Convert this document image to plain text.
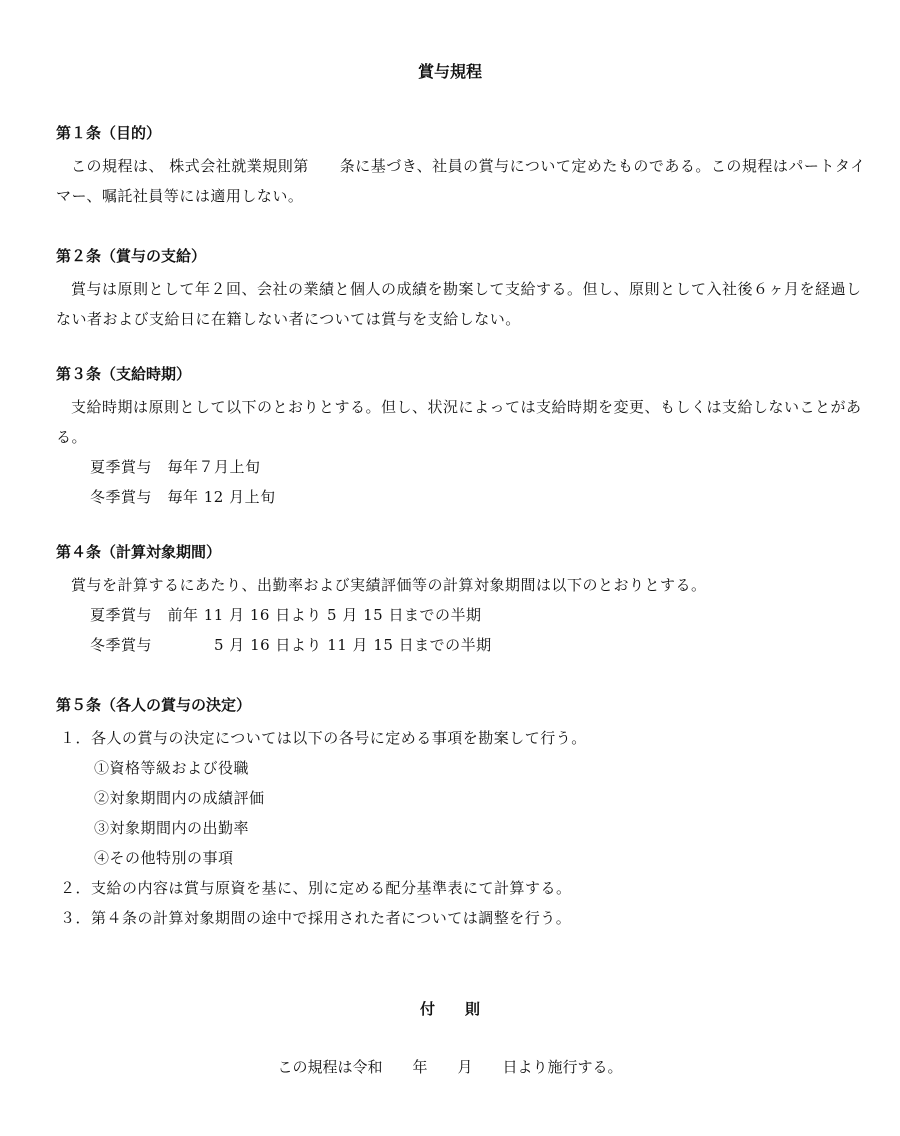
賞与規程
第１条（目的）
この規程は、 株式会社就業規則第　　条に基づき、社員の賞与について定めたものである。この規程はパートタイマー、嘱託社員等には適用しない。
第２条（賞与の支給）
賞与は原則として年２回、会社の業績と個人の成績を勘案して支給する。但し、原則として入社後６ヶ月を経過しない者および支給日に在籍しない者については賞与を支給しない。
第３条（支給時期）
支給時期は原則として以下のとおりとする。但し、状況によっては支給時期を変更、もしくは支給しないことがある。
夏季賞与　毎年７月上旬
冬季賞与　毎年 12 月上旬
第４条（計算対象期間）
賞与を計算するにあたり、出勤率および実績評価等の計算対象期間は以下のとおりとする。
夏季賞与　前年 11 月 16 日より 5 月 15 日までの半期
冬季賞与　　　　5 月 16 日より 11 月 15 日までの半期
第５条（各人の賞与の決定）
１．各人の賞与の決定については以下の各号に定める事項を勘案して行う。
①資格等級および役職
②対象期間内の成績評価
③対象期間内の出勤率
④その他特別の事項
２．支給の内容は賞与原資を基に、別に定める配分基準表にて計算する。
３．第４条の計算対象期間の途中で採用された者については調整を行う。
付　　則
この規程は令和　　年　　月　　日より施行する。
